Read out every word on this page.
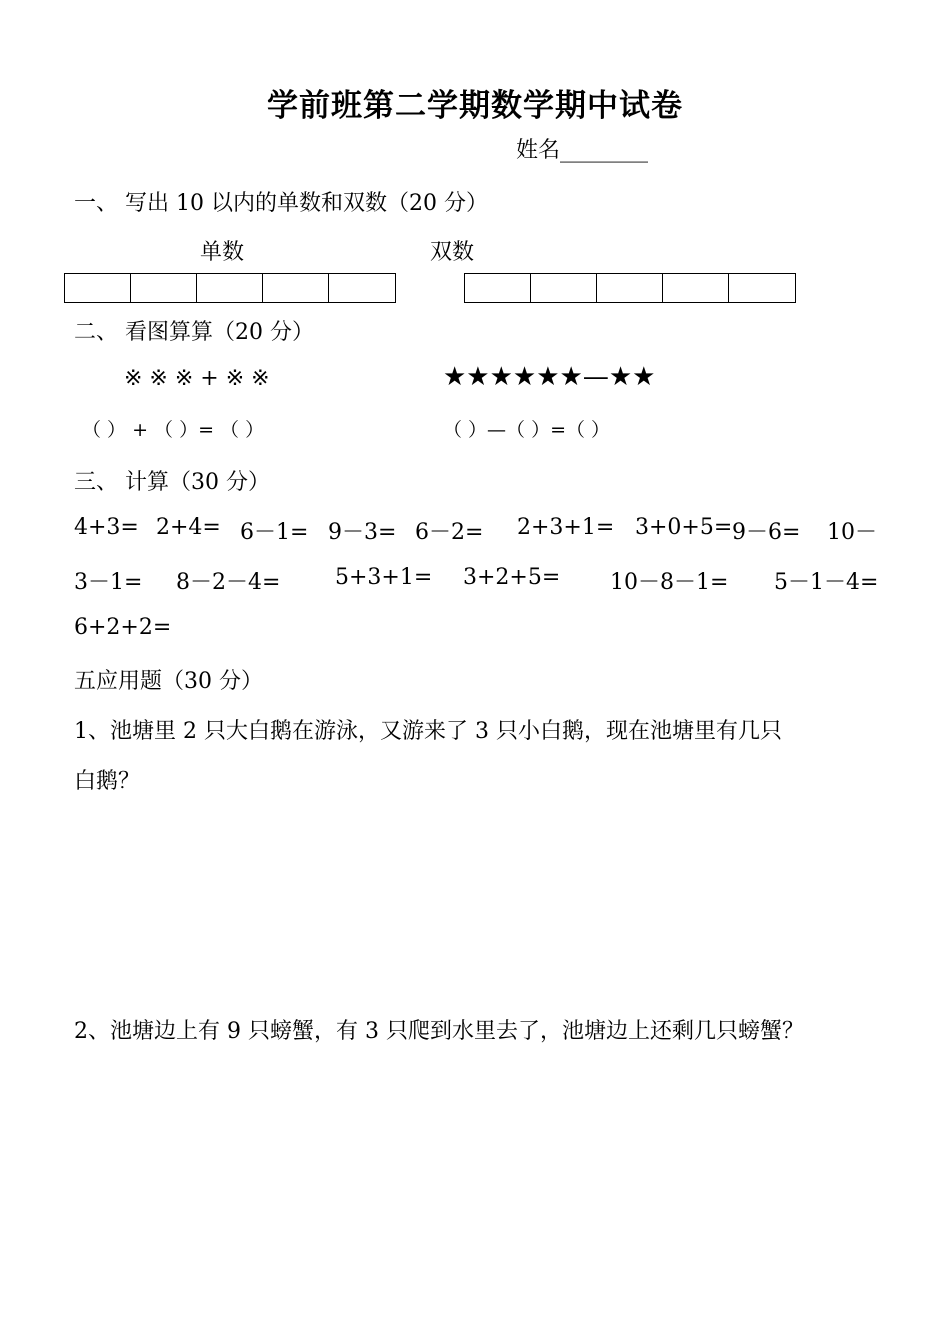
学前班第二学期数学期中试卷
姓名________
一、 写出 10 以内的单数和双数（20 分）
单数	双数
二、 看图算算（20 分）
※ ※ ※ + ※ ※	★★★★★★—★★
（ ） + （ ）= （ ）	（ ）—（ ）=（ ）
三、 计算（30 分）
4+3= 2+4= 6－1= 9－3= 6－2= 2+3+1= 3+0+5= 9－6= 10－
3－1= 8－2－4= 5+3+1= 3+2+5= 10－8－1= 5－1－4=
6+2+2=
五应用题（30 分）
1、池塘里 2 只大白鹅在游泳，又游来了 3 只小白鹅，现在池塘里有几只
白鹅？
2、池塘边上有 9 只螃蟹，有 3 只爬到水里去了，池塘边上还剩几只螃蟹？
